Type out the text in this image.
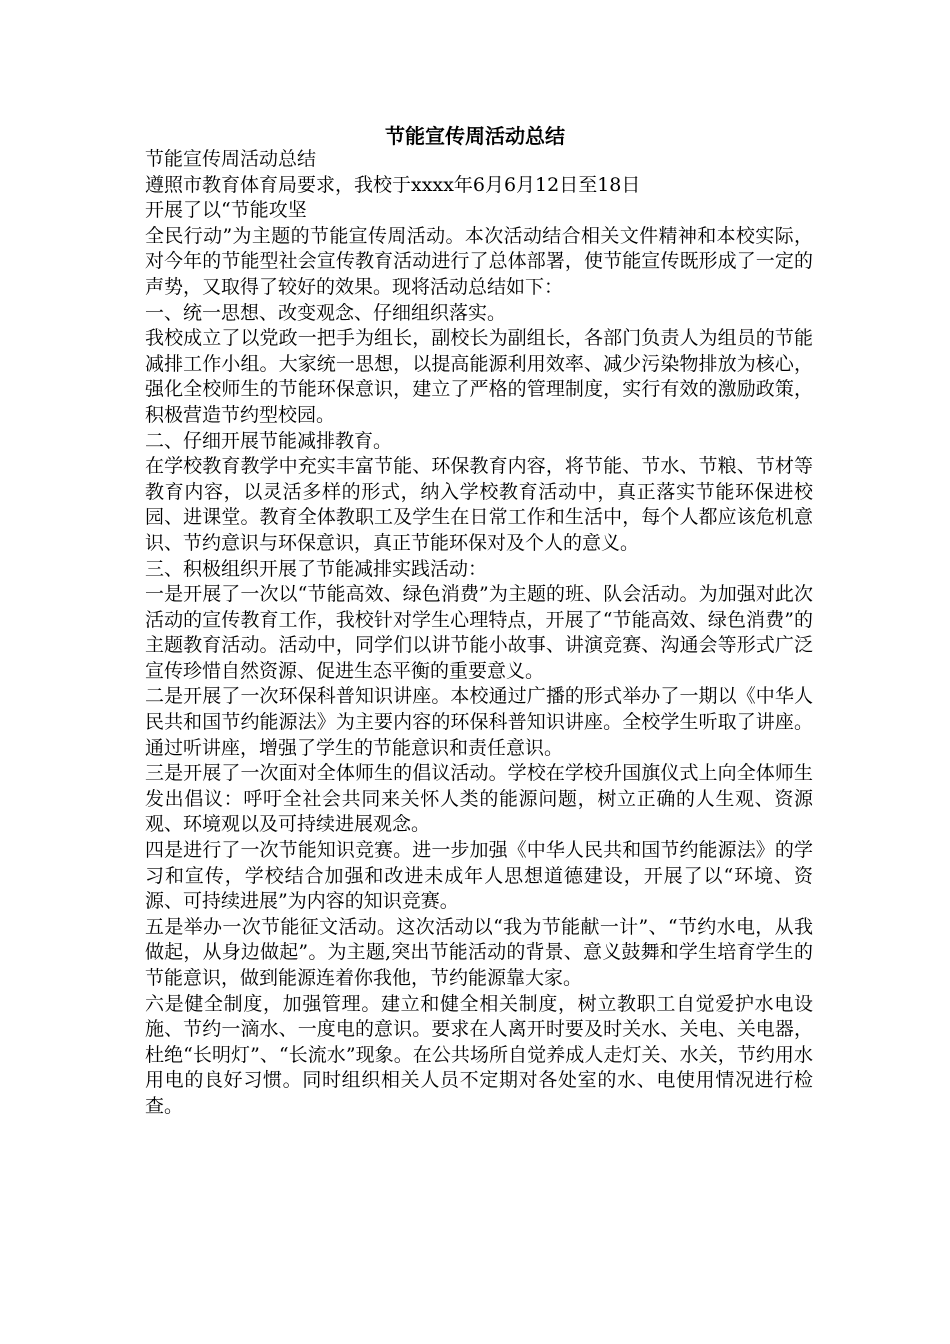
节能宣传周活动总结

节能宣传周活动总结

遵照市教育体育局要求，我校于xxxx年6月6月12日至18日

开展了以“节能攻坚

全民行动”为主题的节能宣传周活动。本次活动结合相关文件精神和本校实际，对今年的节能型社会宣传教育活动进行了总体部署，使节能宣传既形成了一定的声势，又取得了较好的效果。现将活动总结如下：

一、统一思想、改变观念、仔细组织落实。

我校成立了以党政一把手为组长，副校长为副组长，各部门负责人为组员的节能减排工作小组。大家统一思想，以提高能源利用效率、减少污染物排放为核心，强化全校师生的节能环保意识，建立了严格的管理制度，实行有效的激励政策，积极营造节约型校园。

二、仔细开展节能减排教育。

在学校教育教学中充实丰富节能、环保教育内容，将节能、节水、节粮、节材等教育内容，以灵活多样的形式，纳入学校教育活动中，真正落实节能环保进校园、进课堂。教育全体教职工及学生在日常工作和生活中，每个人都应该危机意识、节约意识与环保意识，真正节能环保对及个人的意义。

三、积极组织开展了节能减排实践活动：

一是开展了一次以“节能高效、绿色消费”为主题的班、队会活动。为加强对此次活动的宣传教育工作，我校针对学生心理特点，开展了“节能高效、绿色消费”的主题教育活动。活动中，同学们以讲节能小故事、讲演竞赛、沟通会等形式广泛宣传珍惜自然资源、促进生态平衡的重要意义。

二是开展了一次环保科普知识讲座。本校通过广播的形式举办了一期以《中华人民共和国节约能源法》为主要内容的环保科普知识讲座。全校学生听取了讲座。通过听讲座，增强了学生的节能意识和责任意识。

三是开展了一次面对全体师生的倡议活动。学校在学校升国旗仪式上向全体师生发出倡议：呼吁全社会共同来关怀人类的能源问题，树立正确的人生观、资源观、环境观以及可持续进展观念。

四是进行了一次节能知识竞赛。进一步加强《中华人民共和国节约能源法》的学习和宣传，学校结合加强和改进未成年人思想道德建设，开展了以“环境、资源、可持续进展”为内容的知识竞赛。

五是举办一次节能征文活动。这次活动以“我为节能献一计”、“节约水电，从我做起，从身边做起”。为主题,突出节能活动的背景、意义鼓舞和学生培育学生的节能意识，做到能源连着你我他，节约能源靠大家。

六是健全制度，加强管理。建立和健全相关制度，树立教职工自觉爱护水电设施、节约一滴水、一度电的意识。要求在人离开时要及时关水、关电、关电器，杜绝“长明灯”、“长流水”现象。在公共场所自觉养成人走灯关、水关，节约用水用电的良好习惯。同时组织相关人员不定期对各处室的水、电使用情况进行检查。
